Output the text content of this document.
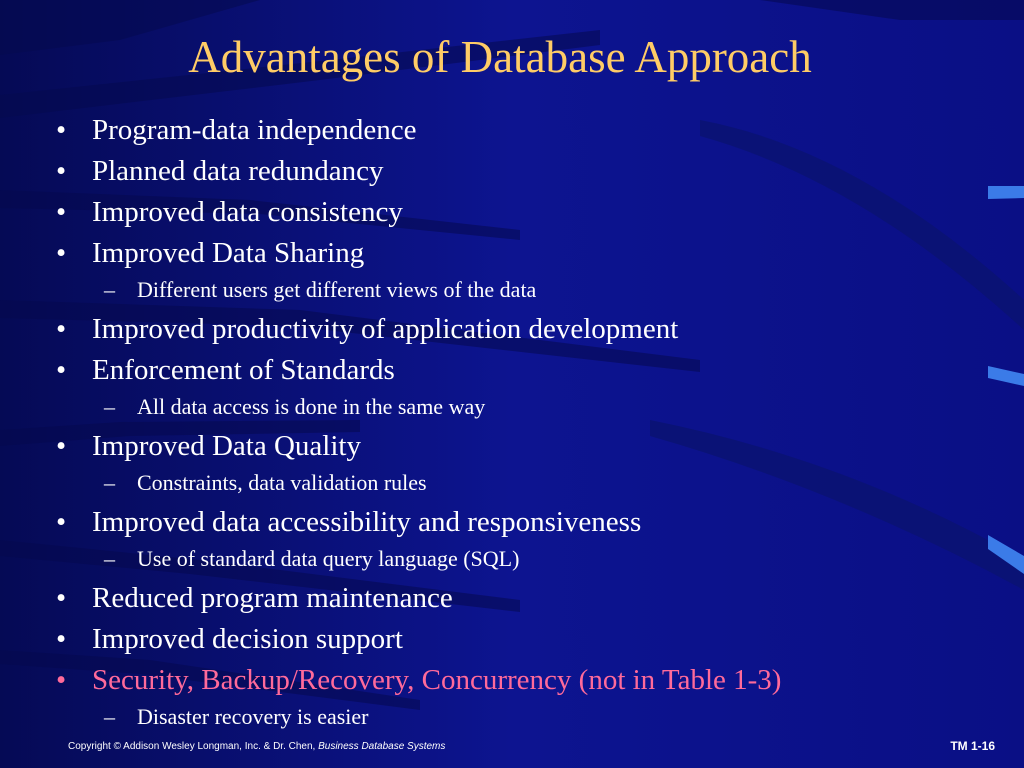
Advantages of Database Approach
• Program-data independence
• Planned data redundancy
• Improved data consistency
• Improved Data Sharing
– Different users get different views of the data
• Improved productivity of application development
• Enforcement of Standards
– All data access is done in the same way
• Improved Data Quality
– Constraints, data validation rules
• Improved data accessibility and responsiveness
– Use of standard data query language (SQL)
• Reduced program maintenance
• Improved decision support
• Security, Backup/Recovery, Concurrency (not in Table 1-3)
– Disaster recovery is easier
Copyright © Addison Wesley Longman, Inc. & Dr. Chen, Business Database Systems	TM 1-16
